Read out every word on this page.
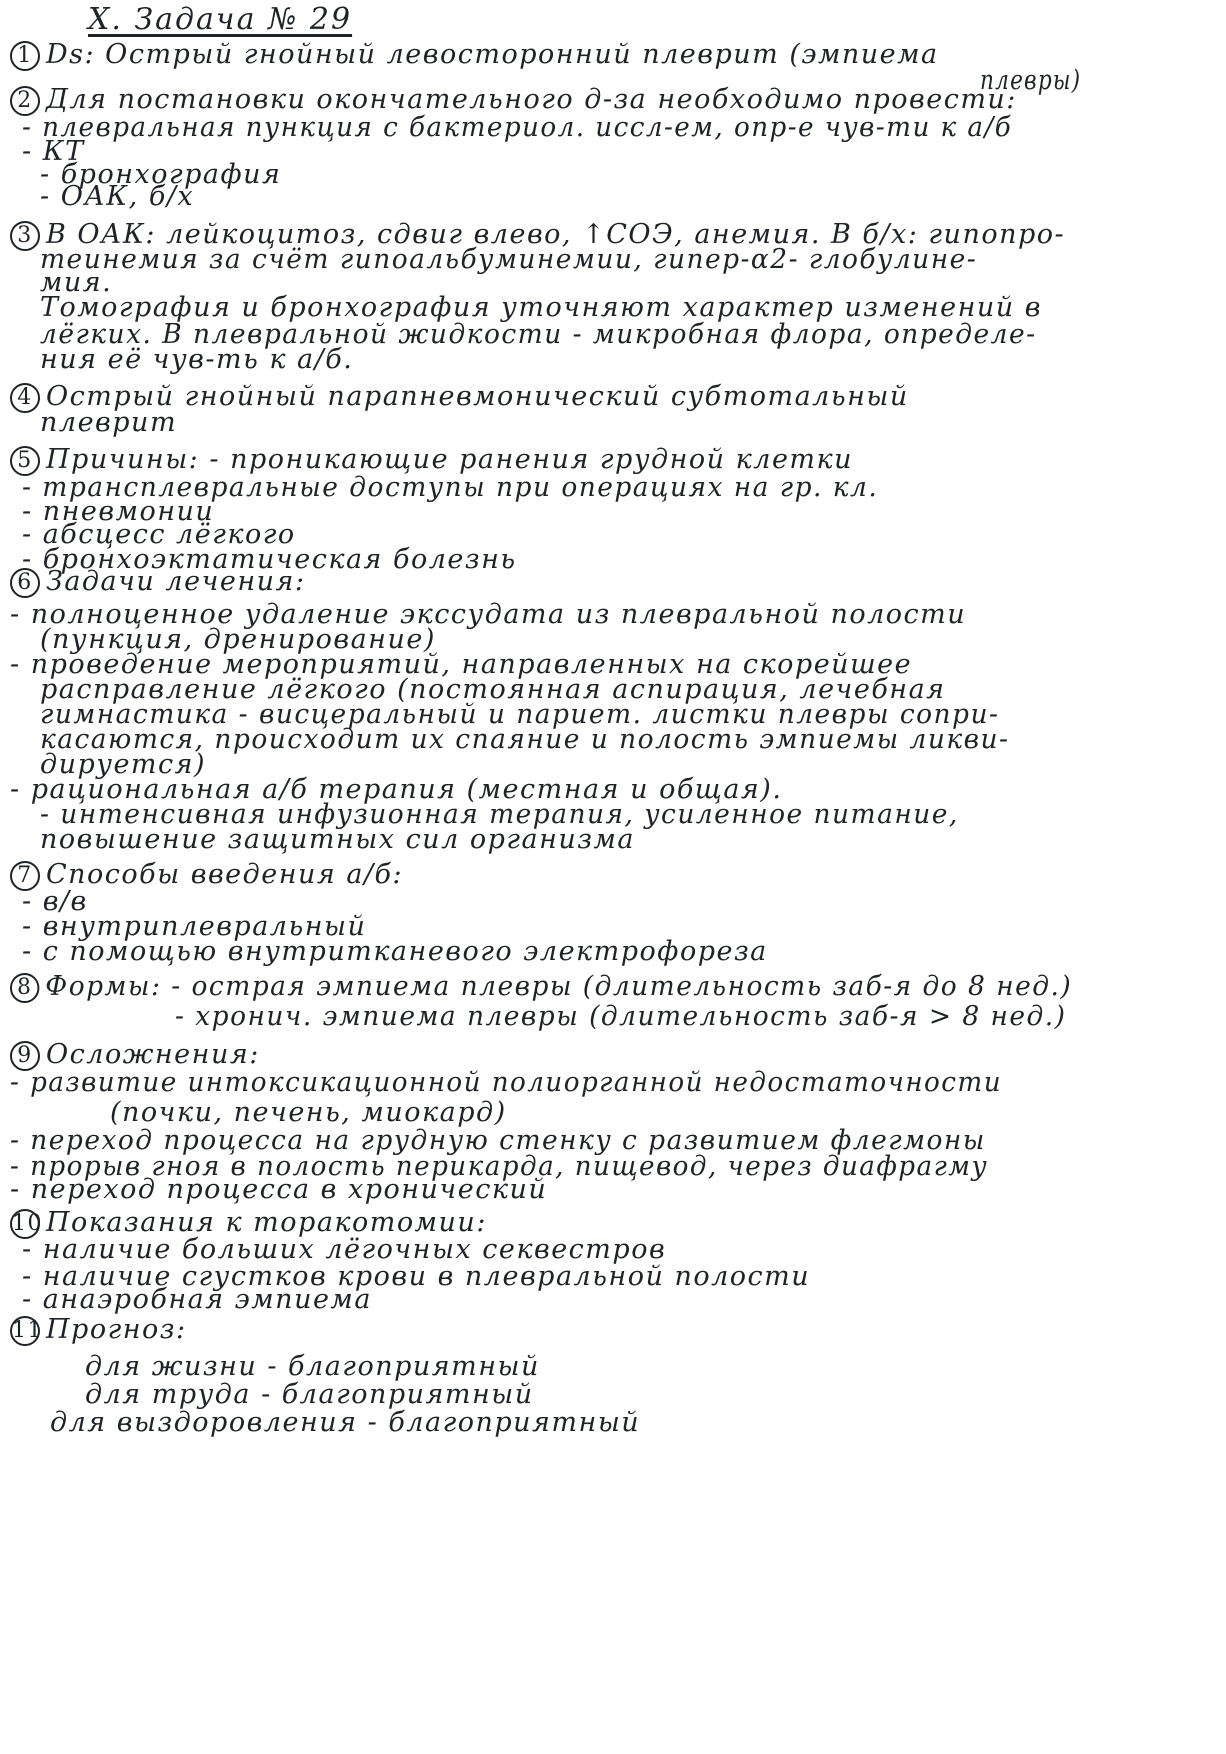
X. Задача № 29
1 Ds: Острый гнойный левосторонний плеврит (эмпиема
плевры)
2 Для постановки окончательного д-за необходимо провести:
- плевральная пункция с бактериол. иссл-ем, опр-е чув-ти к а/б
- КТ
- бронхография
- ОАК, б/х
3 В ОАК: лейкоцитоз, сдвиг влево, ↑СОЭ, анемия. В б/х: гипопро-
теинемия за счёт гипоальбуминемии, гипер-α2- глобулине-
мия.
Томография и бронхография уточняют характер изменений в
лёгких. В плевральной жидкости - микробная флора, определе-
ния её чув-ть к а/б.
4 Острый гнойный парапневмонический субтотальный
плеврит
5 Причины: - проникающие ранения грудной клетки
- трансплевральные доступы при операциях на гр. кл.
- пневмонии
- абсцесс лёгкого
- бронхоэктатическая болезнь
6 Задачи лечения:
- полноценное удаление экссудата из плевральной полости
(пункция, дренирование)
- проведение мероприятий, направленных на скорейшее
расправление лёгкого (постоянная аспирация, лечебная
гимнастика - висцеральный и париет. листки плевры сопри-
касаются, происходит их спаяние и полость эмпиемы ликви-
дируется)
- рациональная а/б терапия (местная и общая).
- интенсивная инфузионная терапия, усиленное питание,
повышение защитных сил организма
7 Способы введения а/б:
- в/в
- внутриплевральный
- с помощью внутритканевого электрофореза
8 Формы: - острая эмпиема плевры (длительность заб-я до 8 нед.)
- хронич. эмпиема плевры (длительность заб-я > 8 нед.)
9 Осложнения:
- развитие интоксикационной полиорганной недостаточности
(почки, печень, миокард)
- переход процесса на грудную стенку с развитием флегмоны
- прорыв гноя в полость перикарда, пищевод, через диафрагму
- переход процесса в хронический
10 Показания к торакотомии:
- наличие больших лёгочных секвестров
- наличие сгустков крови в плевральной полости
- анаэробная эмпиема
11 Прогноз:
для жизни - благоприятный
для труда - благоприятный
для выздоровления - благоприятный
